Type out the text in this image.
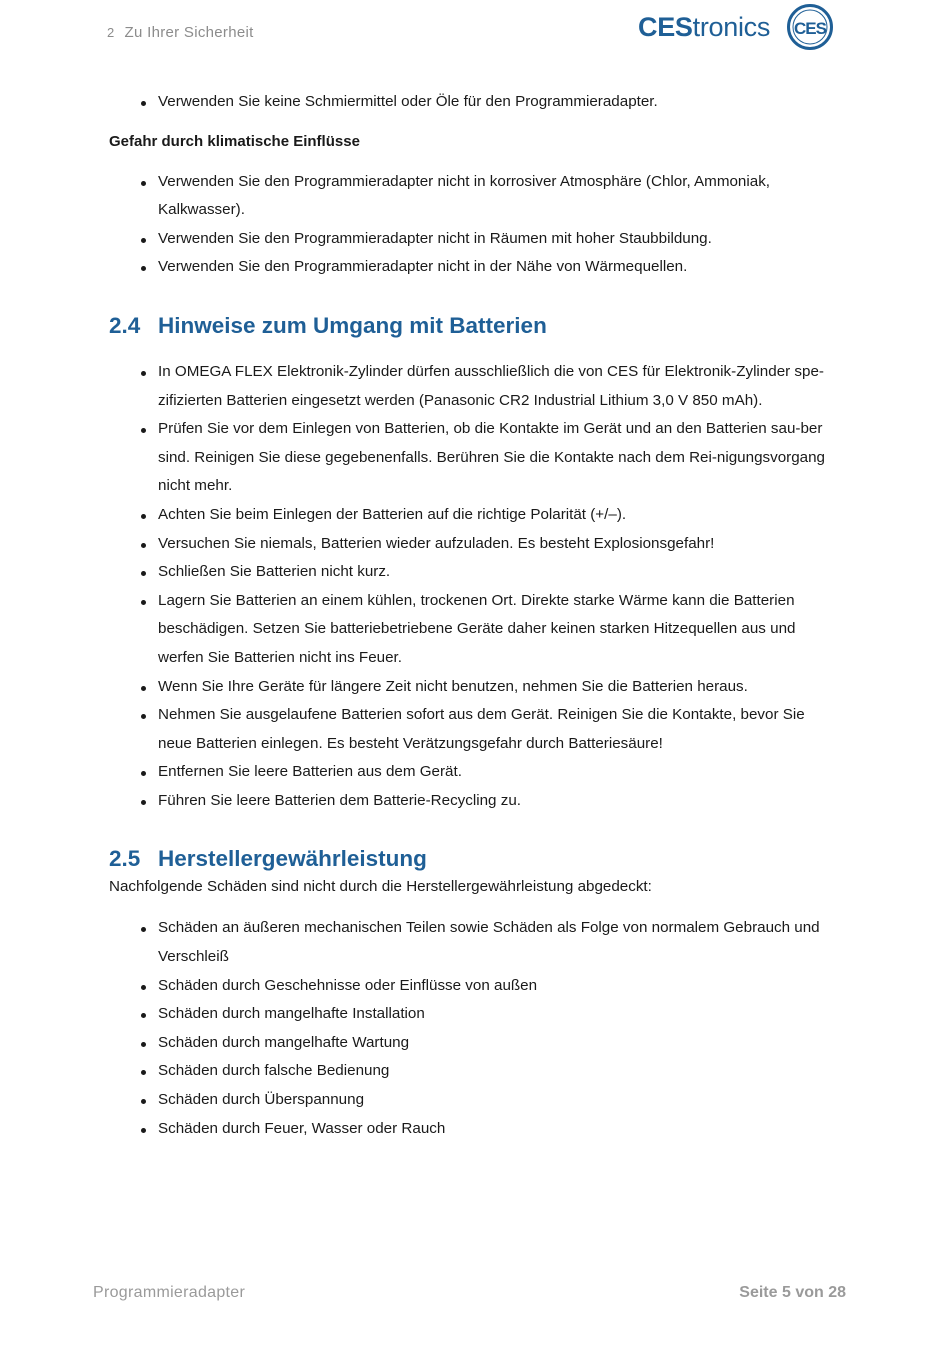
2 Zu Ihrer Sicherheit	CEStronics CES
Verwenden Sie keine Schmiermittel oder Öle für den Programmieradapter.

Gefahr durch klimatische Einflüsse

Verwenden Sie den Programmieradapter nicht in korrosiver Atmosphäre (Chlor, Ammoniak, Kalkwasser).
Verwenden Sie den Programmieradapter nicht in Räumen mit hoher Staubbildung.
Verwenden Sie den Programmieradapter nicht in der Nähe von Wärmequellen.
2.4 Hinweise zum Umgang mit Batterien
In OMEGA FLEX Elektronik-Zylinder dürfen ausschließlich die von CES für Elektronik-Zylinder spe-zifizierten Batterien eingesetzt werden (Panasonic CR2 Industrial Lithium 3,0 V 850 mAh).
Prüfen Sie vor dem Einlegen von Batterien, ob die Kontakte im Gerät und an den Batterien sau-ber sind. Reinigen Sie diese gegebenenfalls. Berühren Sie die Kontakte nach dem Rei-nigungsvorgang nicht mehr.
Achten Sie beim Einlegen der Batterien auf die richtige Polarität (+/–).
Versuchen Sie niemals, Batterien wieder aufzuladen. Es besteht Explosionsgefahr!
Schließen Sie Batterien nicht kurz.
Lagern Sie Batterien an einem kühlen, trockenen Ort. Direkte starke Wärme kann die Batterien beschädigen. Setzen Sie batteriebetriebene Geräte daher keinen starken Hitzequellen aus und werfen Sie Batterien nicht ins Feuer.
Wenn Sie Ihre Geräte für längere Zeit nicht benutzen, nehmen Sie die Batterien heraus.
Nehmen Sie ausgelaufene Batterien sofort aus dem Gerät. Reinigen Sie die Kontakte, bevor Sie neue Batterien einlegen. Es besteht Verätzungsgefahr durch Batteriesäure!
Entfernen Sie leere Batterien aus dem Gerät.
Führen Sie leere Batterien dem Batterie-Recycling zu.
2.5 Herstellergewährleistung

Nachfolgende Schäden sind nicht durch die Herstellergewährleistung abgedeckt:

Schäden an äußeren mechanischen Teilen sowie Schäden als Folge von normalem Gebrauch und Verschleiß
Schäden durch Geschehnisse oder Einflüsse von außen
Schäden durch mangelhafte Installation
Schäden durch mangelhafte Wartung
Schäden durch falsche Bedienung
Schäden durch Überspannung
Schäden durch Feuer, Wasser oder Rauch
Programmieradapter	Seite 5 von 28
